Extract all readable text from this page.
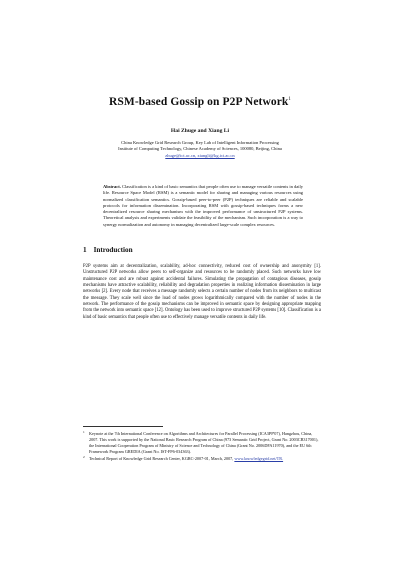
RSM-based Gossip on P2P Network$^1$
Hai Zhuge and Xiang Li
China Knowledge Grid Research Group, Key Lab of Intelligent Information Processing
Institute of Computing Technology, Chinese Academy of Sciences, 100080, Beijing, China
zhuge@ict.ac.cn, xiangli@kg.ict.ac.cn
Abstract. Classification is a kind of basic semantics that people often use to manage versatile contents in daily life. Resource Space Model (RSM) is a semantic model for sharing and managing various resources using normalized classification semantics. Gossip-based peer-to-peer (P2P) techniques are reliable and scalable protocols for information dissemination. Incorporating RSM with gossip-based techniques forms a new decentralized resource sharing mechanism with the improved performance of unstructured P2P systems. Theoretical analysis and experiments validate the feasibility of the mechanism. Such incorporation is a way to synergy normalization and autonomy in managing decentralized large-scale complex resources.
1 Introduction

P2P systems aim at decentralization, scalability, ad-hoc connectivity, reduced cost of ownership and anonymity [1]. Unstructured P2P networks allow peers to self-organize and resources to be randomly placed. Such networks have low maintenance cost and are robust against accidental failures. Simulating the propagation of contagious diseases, gossip mechanisms have attractive scalability, reliability and degradation properties in realizing information dissemination in large networks [2]. Every node that receives a message randomly selects a certain number of nodes from its neighbors to multicast the message. They scale well since the load of nodes grows logarithmically compared with the number of nodes in the network. The performance of the gossip mechanisms can be improved in semantic space by designing appropriate mapping from the network into semantic space [12]. Ontology has been used to improve structured P2P systems [10]. Classification is a kind of basic semantics that people often use to effectively manage versatile contents in daily life.

1 Keynote at the 7th International Conference on Algorithms and Architectures for Parallel Processing (ICA3PP'07), Hangzhou, China, 2007. This work is supported by the National Basic Research Program of China (973 Semantic Grid Project, Grant No. 2003CB317001), the International Cooperation Program of Ministry of Science and Technology of China (Grant No. 2006DFA11970), and the EU 6th Framework Program GREDIA (Grant No. IST-FP6-034363).
2 Technical Report of Knowledge Grid Research Center, KGRC-2007-01, March, 2007, www.knowledgegrid.net/TR.
